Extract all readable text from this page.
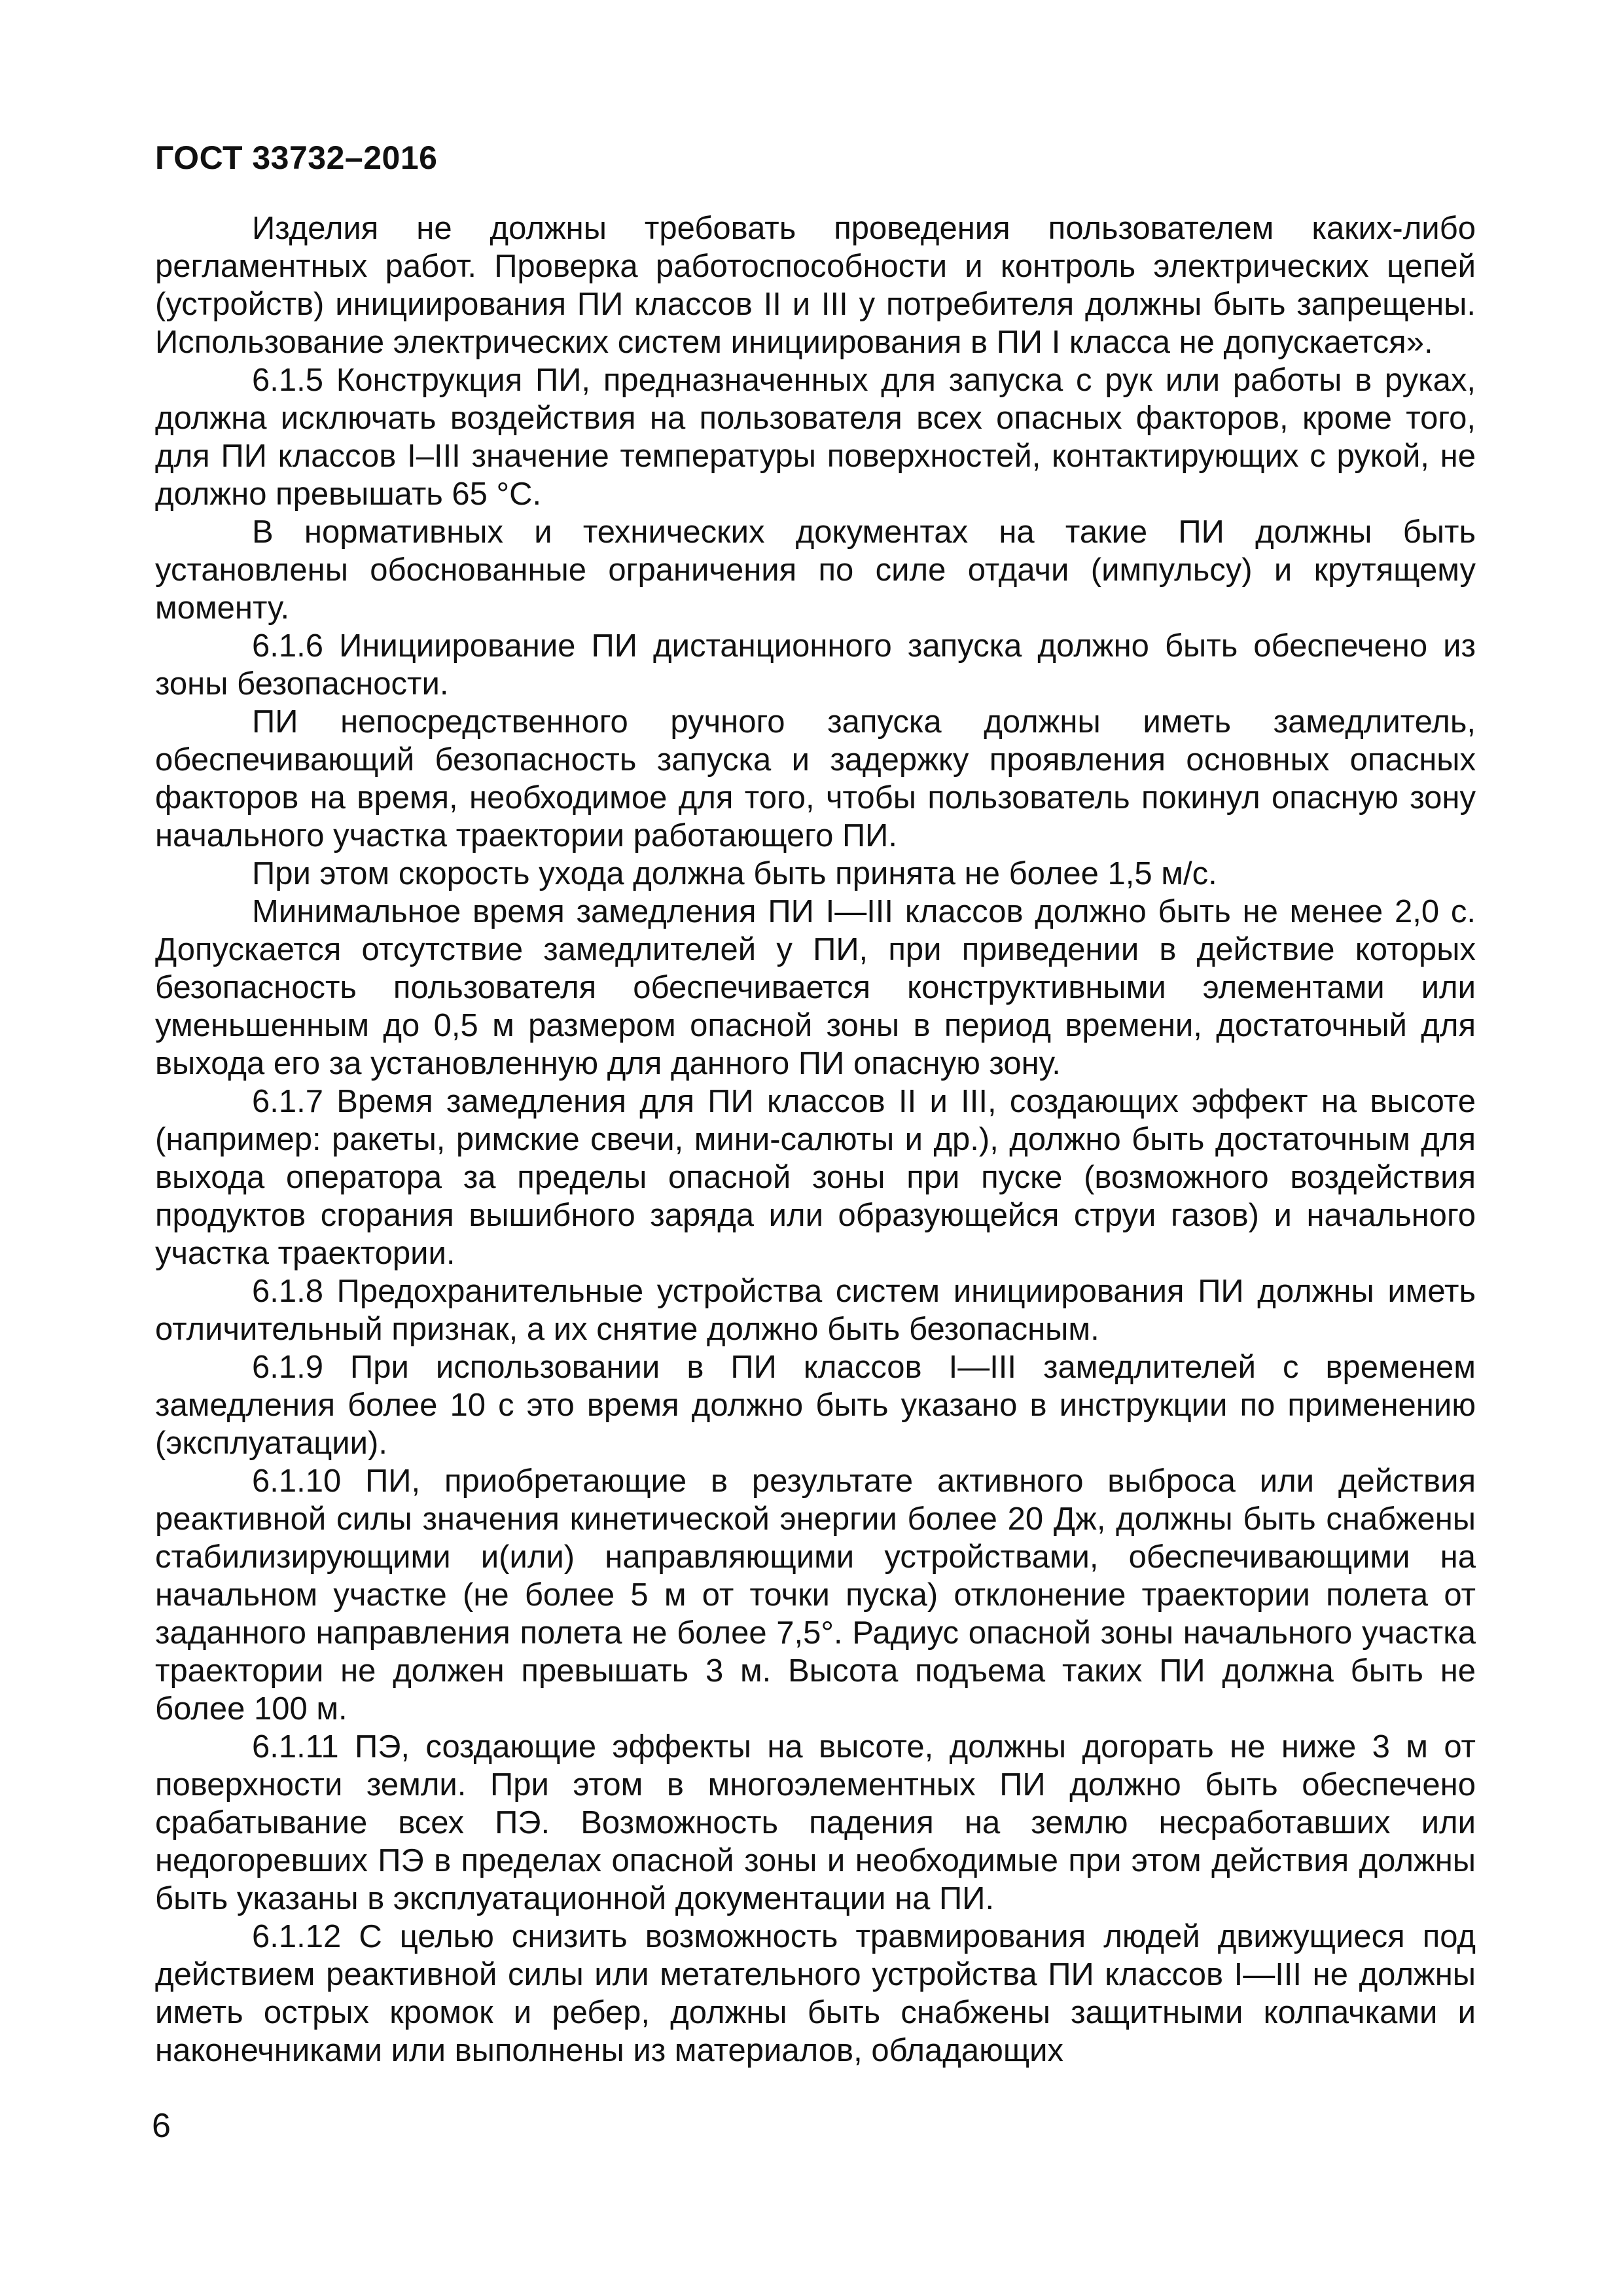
ГОСТ 33732–2016

Изделия не должны требовать проведения пользователем каких-либо регламентных работ. Проверка работоспособности и контроль электрических цепей (устройств) инициирования ПИ классов II и III у потребителя должны быть запрещены. Использование электрических систем инициирования в ПИ I класса не допускается».

6.1.5 Конструкция ПИ, предназначенных для запуска с рук или работы в руках, должна исключать воздействия на пользователя всех опасных факторов, кроме того, для ПИ классов I–III значение температуры поверхностей, контактирующих с рукой, не должно превышать 65 °С.

В нормативных и технических документах на такие ПИ должны быть установлены обоснованные ограничения по силе отдачи (импульсу) и крутящему моменту.

6.1.6 Инициирование ПИ дистанционного запуска должно быть обеспечено из зоны безопасности.

ПИ непосредственного ручного запуска должны иметь замедлитель, обеспечивающий безопасность запуска и задержку проявления основных опасных факторов на время, необходимое для того, чтобы пользователь покинул опасную зону начального участка траектории работающего ПИ.

При этом скорость ухода должна быть принята не более 1,5 м/с.

Минимальное время замедления ПИ I—III классов должно быть не менее 2,0 с. Допускается отсутствие замедлителей у ПИ, при приведении в действие которых безопасность пользователя обеспечивается конструктивными элементами или уменьшенным до 0,5 м размером опасной зоны в период времени, достаточный для выхода его за установленную для данного ПИ опасную зону.

6.1.7 Время замедления для ПИ классов II и III, создающих эффект на высоте (например: ракеты, римские свечи, мини-салюты и др.), должно быть достаточным для выхода оператора за пределы опасной зоны при пуске (возможного воздействия продуктов сгорания вышибного заряда или образующейся струи газов) и начального участка траектории.

6.1.8 Предохранительные устройства систем инициирования ПИ должны иметь отличительный признак, а их снятие должно быть безопасным.

6.1.9 При использовании в ПИ классов I—III замедлителей с временем замедления более 10 с это время должно быть указано в инструкции по применению (эксплуатации).

6.1.10 ПИ, приобретающие в результате активного выброса или действия реактивной силы значения кинетической энергии более 20 Дж, должны быть снабжены стабилизирующими и(или) направляющими устройствами, обеспечивающими на начальном участке (не более 5 м от точки пуска) отклонение траектории полета от заданного направления полета не более 7,5°. Радиус опасной зоны начального участка траектории не должен превышать 3 м. Высота подъема таких ПИ должна быть не более 100 м.

6.1.11 ПЭ, создающие эффекты на высоте, должны догорать не ниже 3 м от поверхности земли. При этом в многоэлементных ПИ должно быть обеспечено срабатывание всех ПЭ. Возможность падения на землю несработавших или недогоревших ПЭ в пределах опасной зоны и необходимые при этом действия должны быть указаны в эксплуатационной документации на ПИ.

6.1.12 С целью снизить возможность травмирования людей движущиеся под действием реактивной силы или метательного устройства ПИ классов I—III не должны иметь острых кромок и ребер, должны быть снабжены защитными колпачками и наконечниками или выполнены из материалов, обладающих

6
